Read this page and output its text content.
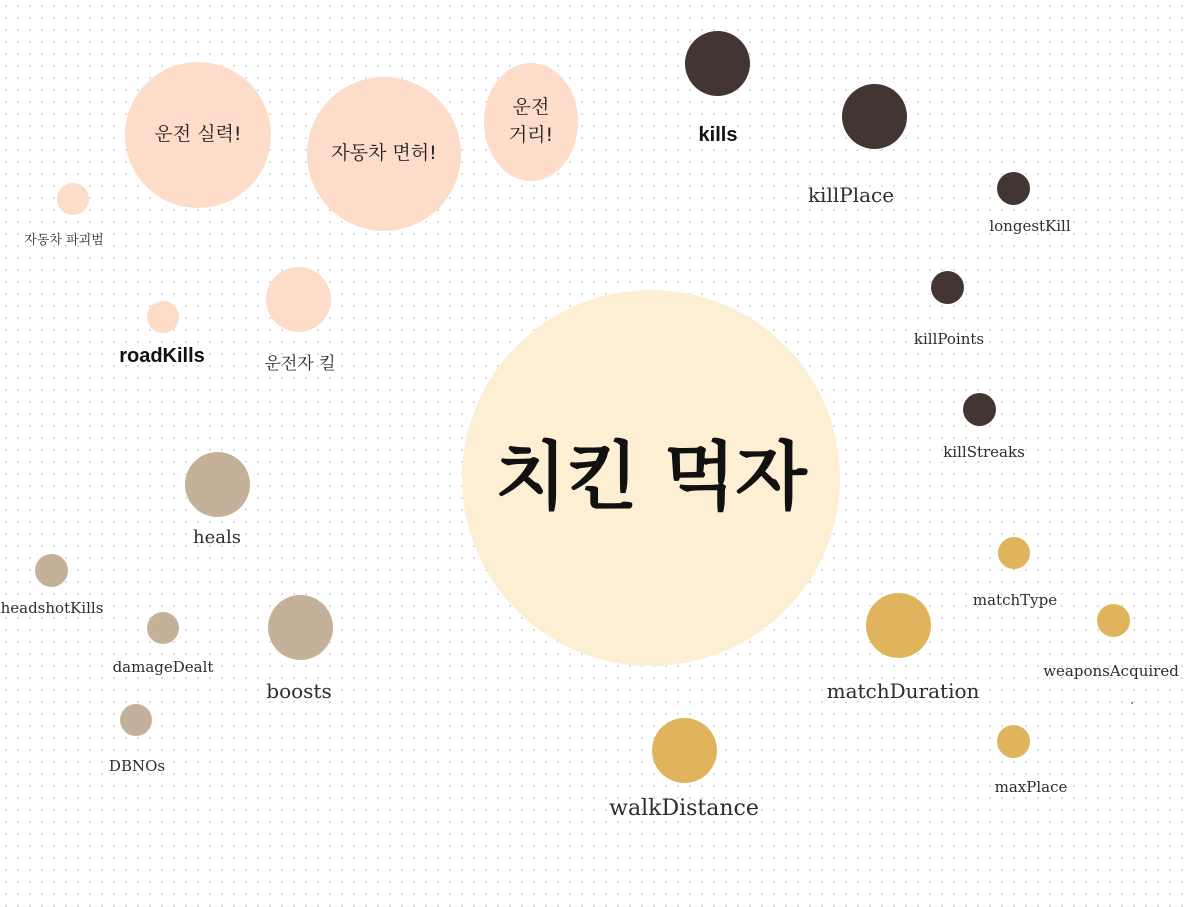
치킨 먹자
운전 실력!
자동차 면허!
운전거리!
자동차 파괴범
roadKills	운전자 킬
kills
killPlace
longestKill
killPoints
killStreaks
heals
headshotKills
damageDealt
boosts
DBNOs
matchType
matchDuration
weaponsAcquired
maxPlace
walkDistance
